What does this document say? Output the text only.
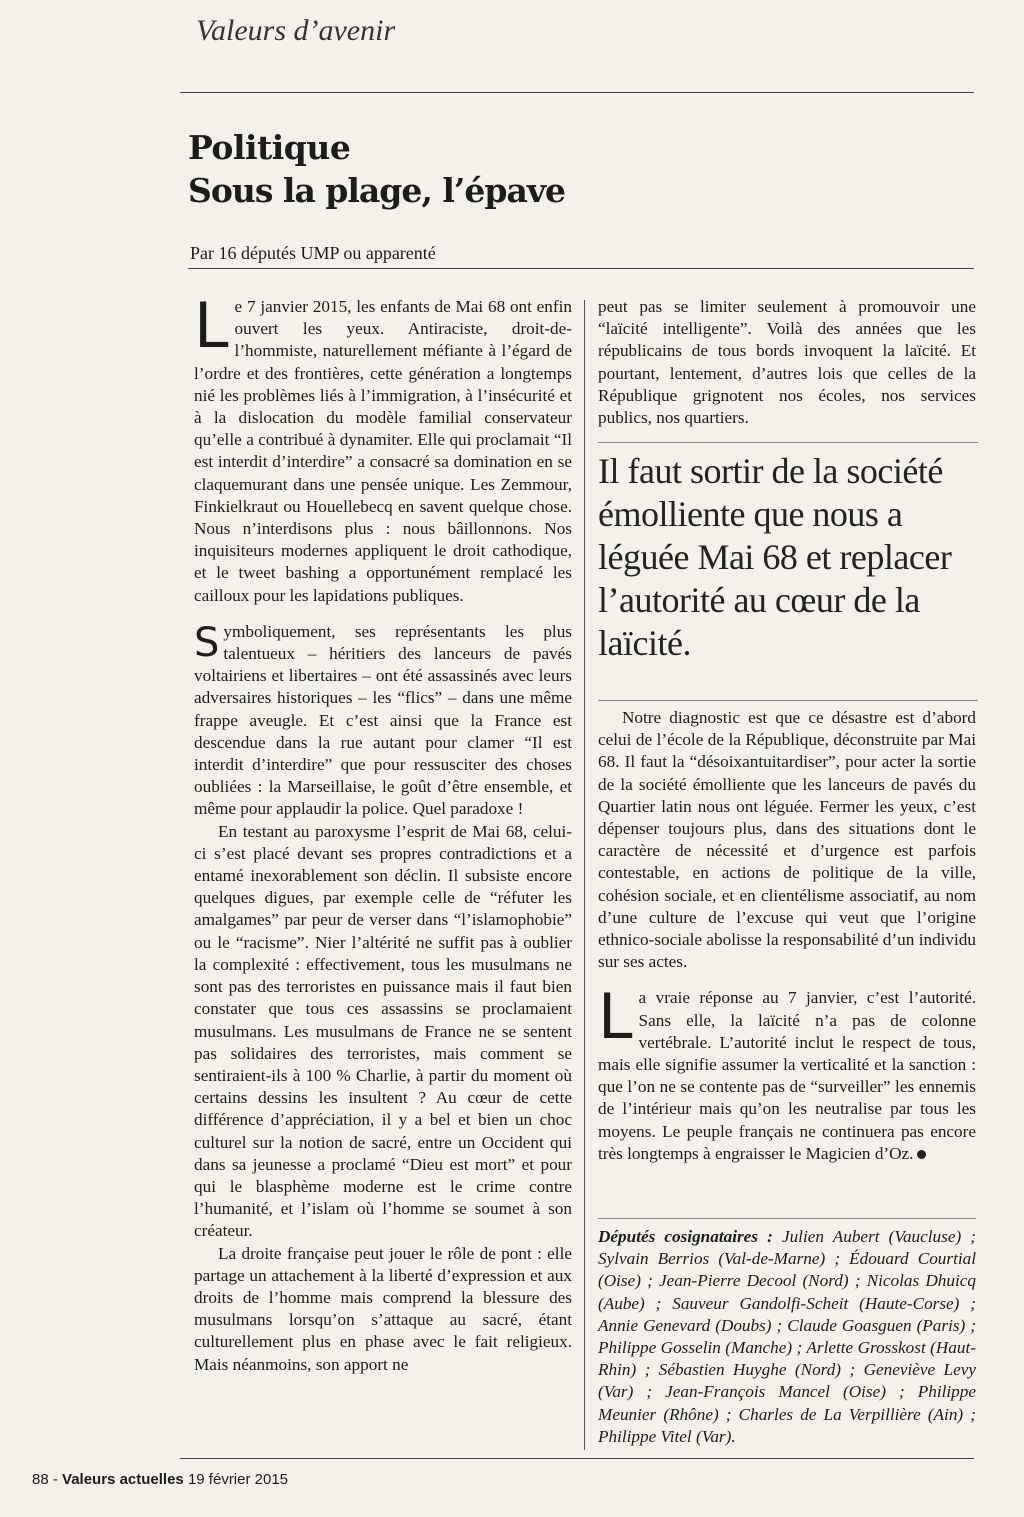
Valeurs d’avenir
Politique
Sous la plage, l’épave
Par 16 députés UMP ou apparenté

Le 7 janvier 2015, les enfants de Mai 68 ont enfin ouvert les yeux. Antiraciste, droit-de-l’hommiste, naturellement méfiante à l’égard de l’ordre et des frontières, cette génération a longtemps nié les problèmes liés à l’immigration, à l’insécurité et à la dislocation du modèle familial conservateur qu’elle a contribué à dynamiter. Elle qui proclamait “Il est interdit d’interdire” a consacré sa domination en se claquemurant dans une pensée unique. Les Zemmour, Finkielkraut ou Houellebecq en savent quelque chose. Nous n’interdisons plus : nous bâillonnons. Nos inquisiteurs modernes appliquent le droit cathodique, et le tweet bashing a opportunément remplacé les cailloux pour les lapidations publiques.

Symboliquement, ses représentants les plus talentueux – héritiers des lanceurs de pavés voltairiens et libertaires – ont été assassinés avec leurs adversaires historiques – les “flics” – dans une même frappe aveugle. Et c’est ainsi que la France est descendue dans la rue autant pour clamer “Il est interdit d’interdire” que pour ressusciter des choses oubliées : la Marseillaise, le goût d’être ensemble, et même pour applaudir la police. Quel paradoxe !

En testant au paroxysme l’esprit de Mai 68, celui-ci s’est placé devant ses propres contradictions et a entamé inexorablement son déclin. Il subsiste encore quelques digues, par exemple celle de “réfuter les amalgames” par peur de verser dans “l’islamophobie” ou le “racisme”. Nier l’altérité ne suffit pas à oublier la complexité : effectivement, tous les musulmans ne sont pas des terroristes en puissance mais il faut bien constater que tous ces assassins se proclamaient musulmans. Les musulmans de France ne se sentent pas solidaires des terroristes, mais comment se sentiraient-ils à 100 % Charlie, à partir du moment où certains dessins les insultent ? Au cœur de cette différence d’appréciation, il y a bel et bien un choc culturel sur la notion de sacré, entre un Occident qui dans sa jeunesse a proclamé “Dieu est mort” et pour qui le blasphème moderne est le crime contre l’humanité, et l’islam où l’homme se soumet à son créateur.

La droite française peut jouer le rôle de pont : elle partage un attachement à la liberté d’expression et aux droits de l’homme mais comprend la blessure des musulmans lorsqu’on s’attaque au sacré, étant culturellement plus en phase avec le fait religieux. Mais néanmoins, son apport ne

peut pas se limiter seulement à promouvoir une “laïcité intelligente”. Voilà des années que les républicains de tous bords invoquent la laïcité. Et pourtant, lentement, d’autres lois que celles de la République grignotent nos écoles, nos services publics, nos quartiers.

Il faut sortir de la société émolliente que nous a léguée Mai 68 et replacer l’autorité au cœur de la laïcité.

Notre diagnostic est que ce désastre est d’abord celui de l’école de la République, déconstruite par Mai 68. Il faut la “désoixantuitardiser”, pour acter la sortie de la société émolliente que les lanceurs de pavés du Quartier latin nous ont léguée. Fermer les yeux, c’est dépenser toujours plus, dans des situations dont le caractère de nécessité et d’urgence est parfois contestable, en actions de politique de la ville, cohésion sociale, et en clientélisme associatif, au nom d’une culture de l’excuse qui veut que l’origine ethnico-sociale abolisse la responsabilité d’un individu sur ses actes.

La vraie réponse au 7 janvier, c’est l’autorité. Sans elle, la laïcité n’a pas de colonne vertébrale. L’autorité inclut le respect de tous, mais elle signifie assumer la verticalité et la sanction : que l’on ne se contente pas de “surveiller” les ennemis de l’intérieur mais qu’on les neutralise par tous les moyens. Le peuple français ne continuera pas encore très longtemps à engraisser le Magicien d’Oz.

Députés cosignataires : Julien Aubert (Vaucluse) ; Sylvain Berrios (Val-de-Marne) ; Édouard Courtial (Oise) ; Jean-Pierre Decool (Nord) ; Nicolas Dhuicq (Aube) ; Sauveur Gandolfi-Scheit (Haute-Corse) ; Annie Genevard (Doubs) ; Claude Goasguen (Paris) ; Philippe Gosselin (Manche) ; Arlette Grosskost (Haut-Rhin) ; Sébastien Huyghe (Nord) ; Geneviève Levy (Var) ; Jean-François Mancel (Oise) ; Philippe Meunier (Rhône) ; Charles de La Verpillière (Ain) ; Philippe Vitel (Var).
88 - Valeurs actuelles 19 février 2015
